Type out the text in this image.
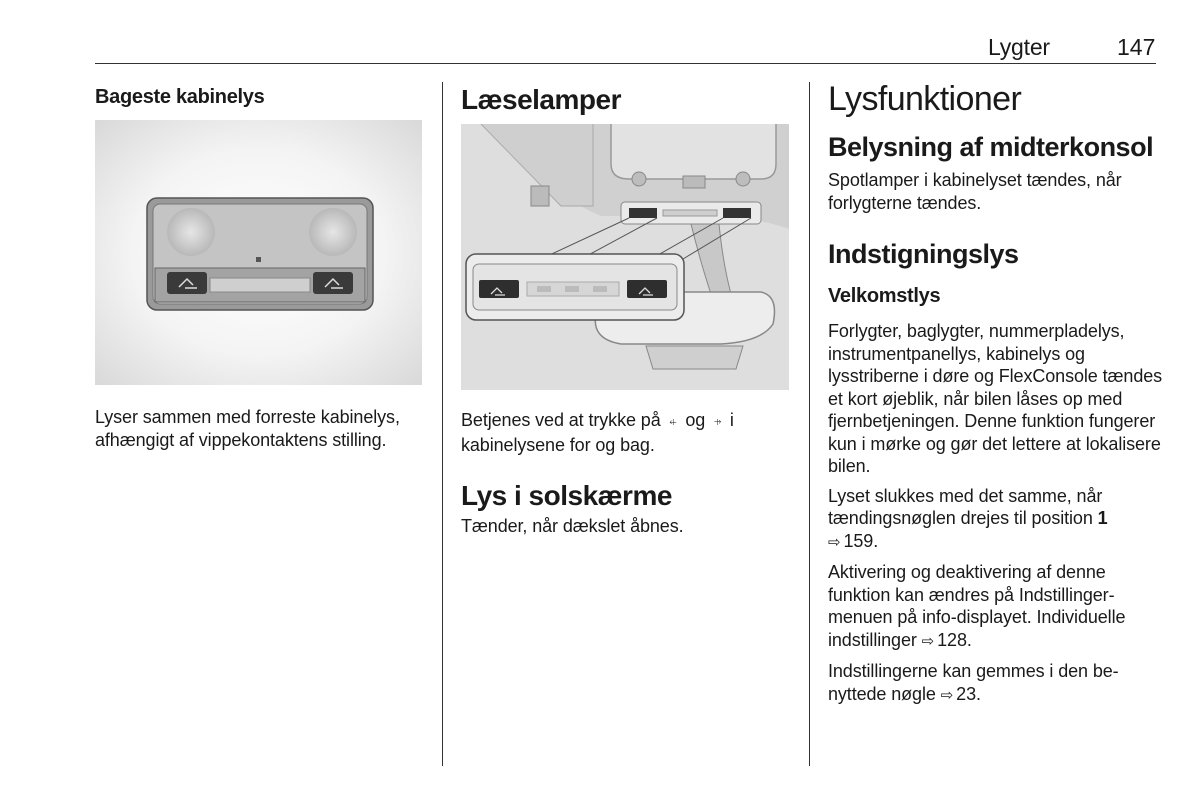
Lygter	147
Bageste kabinelys
Lyser sammen med forreste kabinelys, afhængigt af vippekontaktens stilling.
Læselamper
Betjenes ved at trykke på ⍅ og ⍆ i kabinelysene for og bag.
Lys i solskærme
Tænder, når dækslet åbnes.
Lysfunktioner
Belysning af midterkonsol
Spotlamper i kabinelyset tændes, når forlygterne tændes.
Indstigningslys
Velkomstlys

Forlygter, baglygter, nummerpladelys, instrumentpanellys, kabinelys og lysstriberne i døre og FlexConsole tændes et kort øjeblik, når bilen låses op med fjernbetjeningen. Denne funktion fungerer kun i mørke og gør det lettere at lokalisere bilen.

Lyset slukkes med det samme, når tændingsnøglen drejes til position 1
⇨ 159.

Aktivering og deaktivering af denne funktion kan ændres på Indstillingermenuen på info-displayet. Individuelle indstillinger ⇨ 128.

Indstillingerne kan gemmes i den benyttede nøgle ⇨ 23.
